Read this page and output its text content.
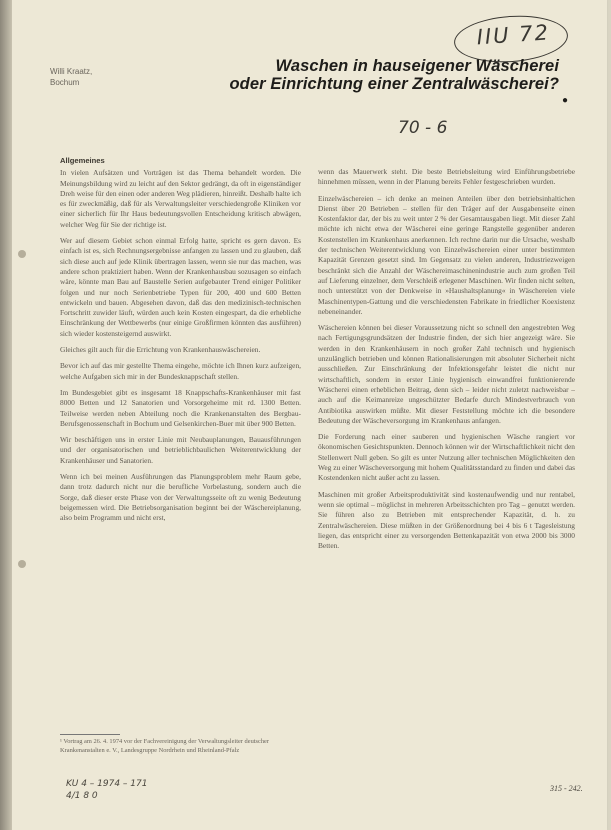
IIU 72
Willi Kraatz,
Bochum
Waschen in hauseigener Wäscherei
oder Einrichtung einer Zentralwäscherei?
●
70 - 6

Allgemeines

In vielen Aufsätzen und Vorträgen ist das Thema behandelt worden. Die Meinungsbildung wird zu leicht auf den Sektor gedrängt, da oft in eigenständiger Dreh weise für den einen oder anderen Weg plädieren, hinreißt. Deshalb halte ich es für zweckmäßig, daß für als Verwaltungsleiter verschiedengroße Kliniken vor einer sicherlich für Ihr Haus bedeutungsvollen Entscheidung kritisch abwägen, welcher Weg für Sie der richtige ist.

Wer auf diesem Gebiet schon einmal Erfolg hatte, spricht es gern davon. Es einfach ist es, sich Rechnungsergebnisse anfangen zu lassen und zu glauben, daß sich diese auch auf jede Klinik übertragen lassen, wenn sie nur das machen, was andere schon praktiziert haben. Wenn der Krankenhausbau sozusagen so einfach wäre, könnte man Bau auf Baustelle Serien aufgebauter Trend einiger Politiker folgen und nur noch Serienbetriebe Typen für 200, 400 und 600 Betten entwickeln und bauen. Abgesehen davon, daß das den medizinisch-technischen Fortschritt zuwider läuft, würden auch kein Kosten eingespart, da die erhebliche Einschränkung der Wettbewerbs (nur einige Großfirmen könnten das ausführen) sich wieder kostensteigernd auswirkt.

Gleiches gilt auch für die Errichtung von Krankenhauswäschereien.

Bevor ich auf das mir gestellte Thema eingehe, möchte ich Ihnen kurz aufzeigen, welche Aufgaben sich mir in der Bundesknappschaft stellen.

Im Bundesgebiet gibt es insgesamt 18 Knappschafts-Krankenhäuser mit fast 8000 Betten und 12 Sanatorien und Vorsorgeheime mit rd. 1300 Betten. Teilweise werden neben Abteilung noch die Krankenanstalten des Bergbau-Berufsgenossenschaft in Bochum und Gelsenkirchen-Buer mit über 900 Betten.

Wir beschäftigen uns in erster Linie mit Neubauplanungen, Bauausführungen und der organisatorischen und betrieblichbaulichen Weiterentwicklung der Krankenhäuser und Sanatorien.

Wenn ich bei meinen Ausführungen das Planungsproblem mehr Raum gebe, dann trotz dadurch nicht nur die berufliche Vorbelastung, sondern auch die Sorge, daß dieser erste Phase von der Verwaltungsseite oft zu wenig Bedeutung beigemessen wird. Die Betriebsorganisation beginnt bei der Wäschereiplanung, also beim Programm und nicht erst,

wenn das Mauerwerk steht. Die beste Betriebsleitung wird Einführungsbetriebe hinnehmen müssen, wenn in der Planung bereits Fehler festgeschrieben wurden.

Einzelwäschereien – ich denke an meinen Anteilen über den betriebsinhaltichen Dienst über 20 Betrieben – stellen für den Träger auf der Ausgabenseite einen Kostenfaktor dar, der bis zu weit unter 2 % der Gesamtausgaben liegt. Mit dieser Zahl möchte ich nicht etwa der Wäscherei eine geringe Rangstelle gegenüber anderen Kostenstellen im Krankenhaus anerkennen. Ich rechne darin nur die Ursache, weshalb der technischen Weiterentwicklung von Einzelwäschereien einer unter bestimmten Kapazität Grenzen gesetzt sind. Im Gegensatz zu vielen anderen, Industriezweigen beschränkt sich die Anzahl der Wäschereimaschinenindustrie auch zum großen Teil auf Lieferung einzelner, dem Verschleiß erlegener Maschinen. Wir finden nicht selten, noch unterstützt von der Denkweise in »Haushaltsplanung« in Wäschereien viele Maschinentypen-Gattung und die verschiedensten Fabrikate in friedlicher Koexistenz nebeneinander.

Wäschereien können bei dieser Voraussetzung nicht so schnell den angestrebten Weg nach Fertigungsgrundsätzen der Industrie finden, der sich hier angezeigt wäre. Sie werden in den Krankenhäusern in noch großer Zahl technisch und hygienisch unzulänglich betrieben und können Rationalisierungen mit absoluter Sicherheit nicht ausschließen. Zur Einschränkung der Infektionsgefahr leistet die nicht nur wirtschaftlich, sondern in erster Linie hygienisch einwandfrei funktionierende Wäscherei einen erheblichen Beitrag, denn sich – leider nicht zuletzt nachweisbar – auch auf die Keimanreize ungeschützter Bedarfe durch Mindestverbrauch von Antibiotika auswirken müßte. Mit dieser Feststellung möchte ich die besondere Bedeutung der Wäscheversorgung im Krankenhaus anfangen.

Die Forderung nach einer sauberen und hygienischen Wäsche rangiert vor ökonomischen Gesichtspunkten. Dennoch können wir der Wirtschaftlichkeit nicht den Stellenwert Null geben. So gilt es unter Nutzung aller technischen Möglichkeiten den Weg zu einer Wäscheversorgung mit hohem Qualitätsstandard zu finden und dabei das Kostendenken nicht außer acht zu lassen.

Maschinen mit großer Arbeitsproduktivität sind kostenaufwendig und nur rentabel, wenn sie optimal – möglichst in mehreren Arbeitsschichten pro Tag – genutzt werden. Sie führen also zu Betrieben mit entsprechender Kapazität, d. h. zu Zentralwäschereien. Diese müßten in der Größenordnung bei 4 bis 6 t Tagesleistung liegen, das entspricht einer zu versorgenden Bettenkapazität von etwa 2000 bis 3000 Betten.

¹ Vortrag am 26. 4. 1974 vor der Fachvereinigung der Verwaltungsleiter deutscher Krankenanstalten e. V., Landesgruppe Nordrhein und Rheinland-Pfalz
KU 4 – 1974 – 171
4/1 8 0
315 - 242.
